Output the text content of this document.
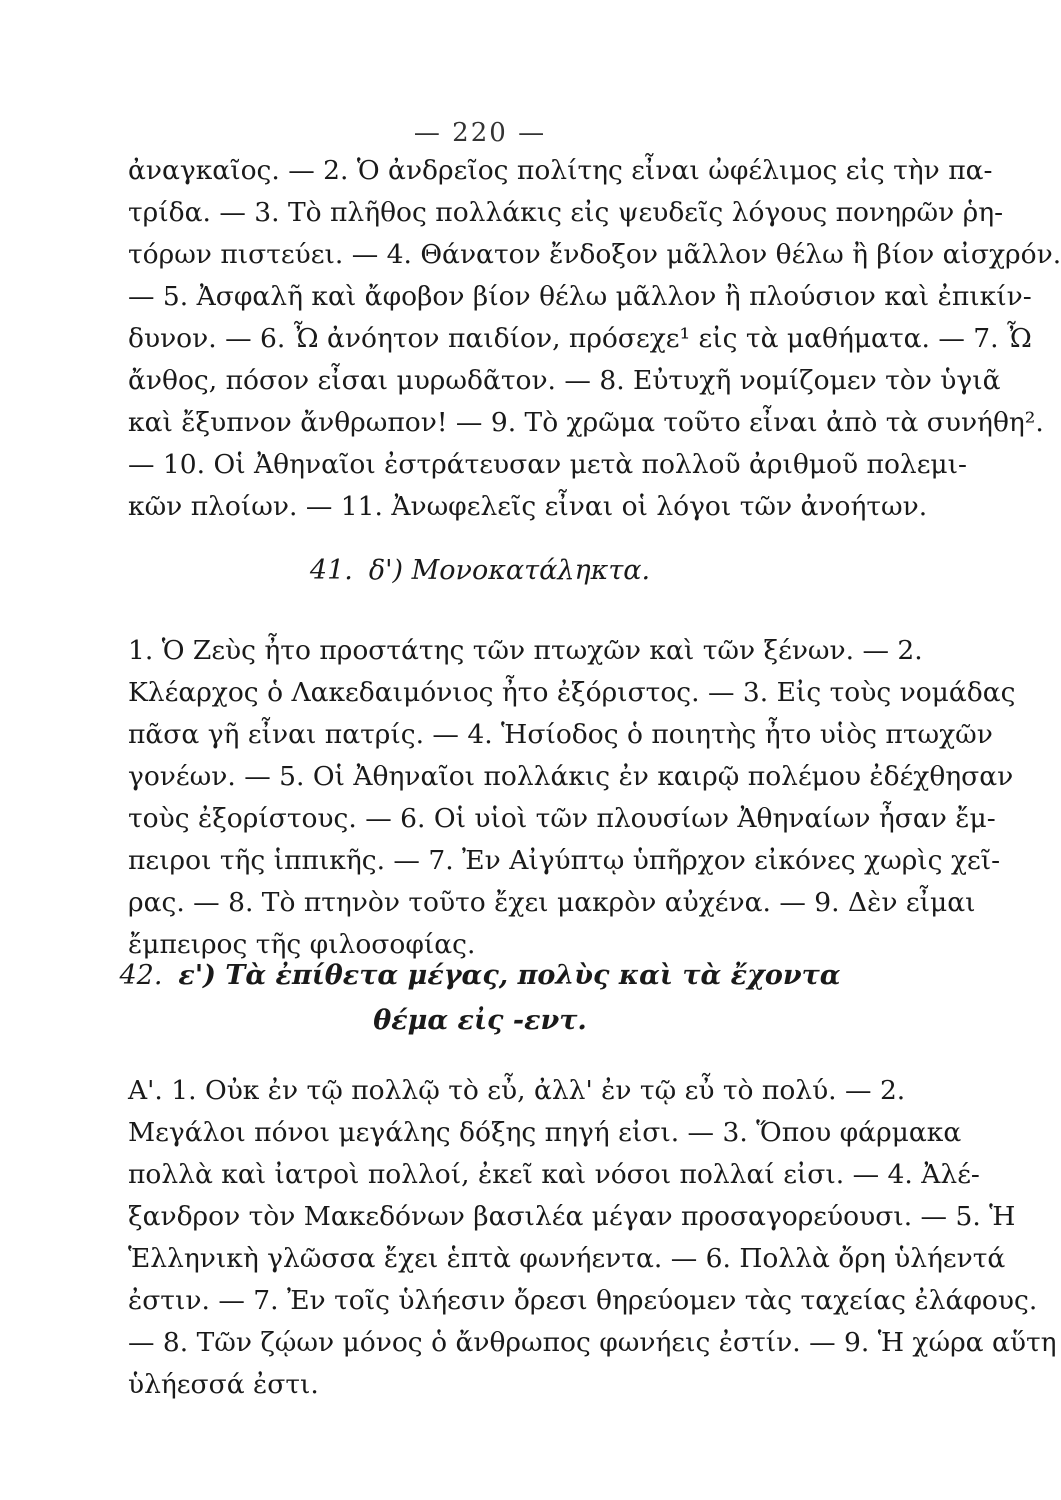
— 220 —
ἀναγκαῖος. — 2. Ὁ ἀνδρεῖος πολίτης εἶναι ὠφέλιμος εἰς τὴν πα-
τρίδα. — 3. Τὸ πλῆθος πολλάκις εἰς ψευδεῖς λόγους πονηρῶν ῥη-
τόρων πιστεύει. — 4. Θάνατον ἔνδοξον μᾶλλον θέλω ἢ βίον αἰσχρόν.
— 5. Ἀσφαλῆ καὶ ἄφοβον βίον θέλω μᾶλλον ἢ πλούσιον καὶ ἐπικίν-
δυνον. — 6. Ὦ ἀνόητον παιδίον, πρόσεχε¹ εἰς τὰ μαθήματα. — 7. Ὦ
ἄνθος, πόσον εἶσαι μυρωδᾶτον. — 8. Εὐτυχῆ νομίζομεν τὸν ὑγιᾶ
καὶ ἔξυπνον ἄνθρωπον! — 9. Τὸ χρῶμα τοῦτο εἶναι ἀπὸ τὰ συνήθη².
— 10. Οἱ Ἀθηναῖοι ἐστράτευσαν μετὰ πολλοῦ ἀριθμοῦ πολεμι-
κῶν πλοίων. — 11. Ἀνωφελεῖς εἶναι οἱ λόγοι τῶν ἀνοήτων.
41. δ') Μονοκατάληκτα.
1. Ὁ Ζεὺς ἦτο προστάτης τῶν πτωχῶν καὶ τῶν ξένων. — 2.
Κλέαρχος ὁ Λακεδαιμόνιος ἦτο ἐξόριστος. — 3. Εἰς τοὺς νομάδας
πᾶσα γῆ εἶναι πατρίς. — 4. Ἡσίοδος ὁ ποιητὴς ἦτο υἱὸς πτωχῶν
γονέων. — 5. Οἱ Ἀθηναῖοι πολλάκις ἐν καιρῷ πολέμου ἐδέχθησαν
τοὺς ἐξορίστους. — 6. Οἱ υἱοὶ τῶν πλουσίων Ἀθηναίων ἦσαν ἔμ-
πειροι τῆς ἱππικῆς. — 7. Ἐν Αἰγύπτῳ ὑπῆρχον εἰκόνες χωρὶς χεῖ-
ρας. — 8. Τὸ πτηνὸν τοῦτο ἔχει μακρὸν αὐχένα. — 9. Δὲν εἶμαι
ἔμπειρος τῆς φιλοσοφίας.
42. ε') Τὰ ἐπίθετα μέγας, πολὺς καὶ τὰ ἔχοντα
θέμα εἰς -εντ.
Α'. 1. Οὐκ ἐν τῷ πολλῷ τὸ εὖ, ἀλλ' ἐν τῷ εὖ τὸ πολύ. — 2.
Μεγάλοι πόνοι μεγάλης δόξης πηγή εἰσι. — 3. Ὅπου φάρμακα
πολλὰ καὶ ἰατροὶ πολλοί, ἐκεῖ καὶ νόσοι πολλαί εἰσι. — 4. Ἀλέ-
ξανδρον τὸν Μακεδόνων βασιλέα μέγαν προσαγορεύουσι. — 5. Ἡ
Ἑλληνικὴ γλῶσσα ἔχει ἑπτὰ φωνήεντα. — 6. Πολλὰ ὄρη ὑλήεντά
ἐστιν. — 7. Ἐν τοῖς ὑλήεσιν ὄρεσι θηρεύομεν τὰς ταχείας ἐλάφους.
— 8. Τῶν ζῴων μόνος ὁ ἄνθρωπος φωνήεις ἐστίν. — 9. Ἡ χώρα αὕτη
ὑλήεσσά ἐστι.
